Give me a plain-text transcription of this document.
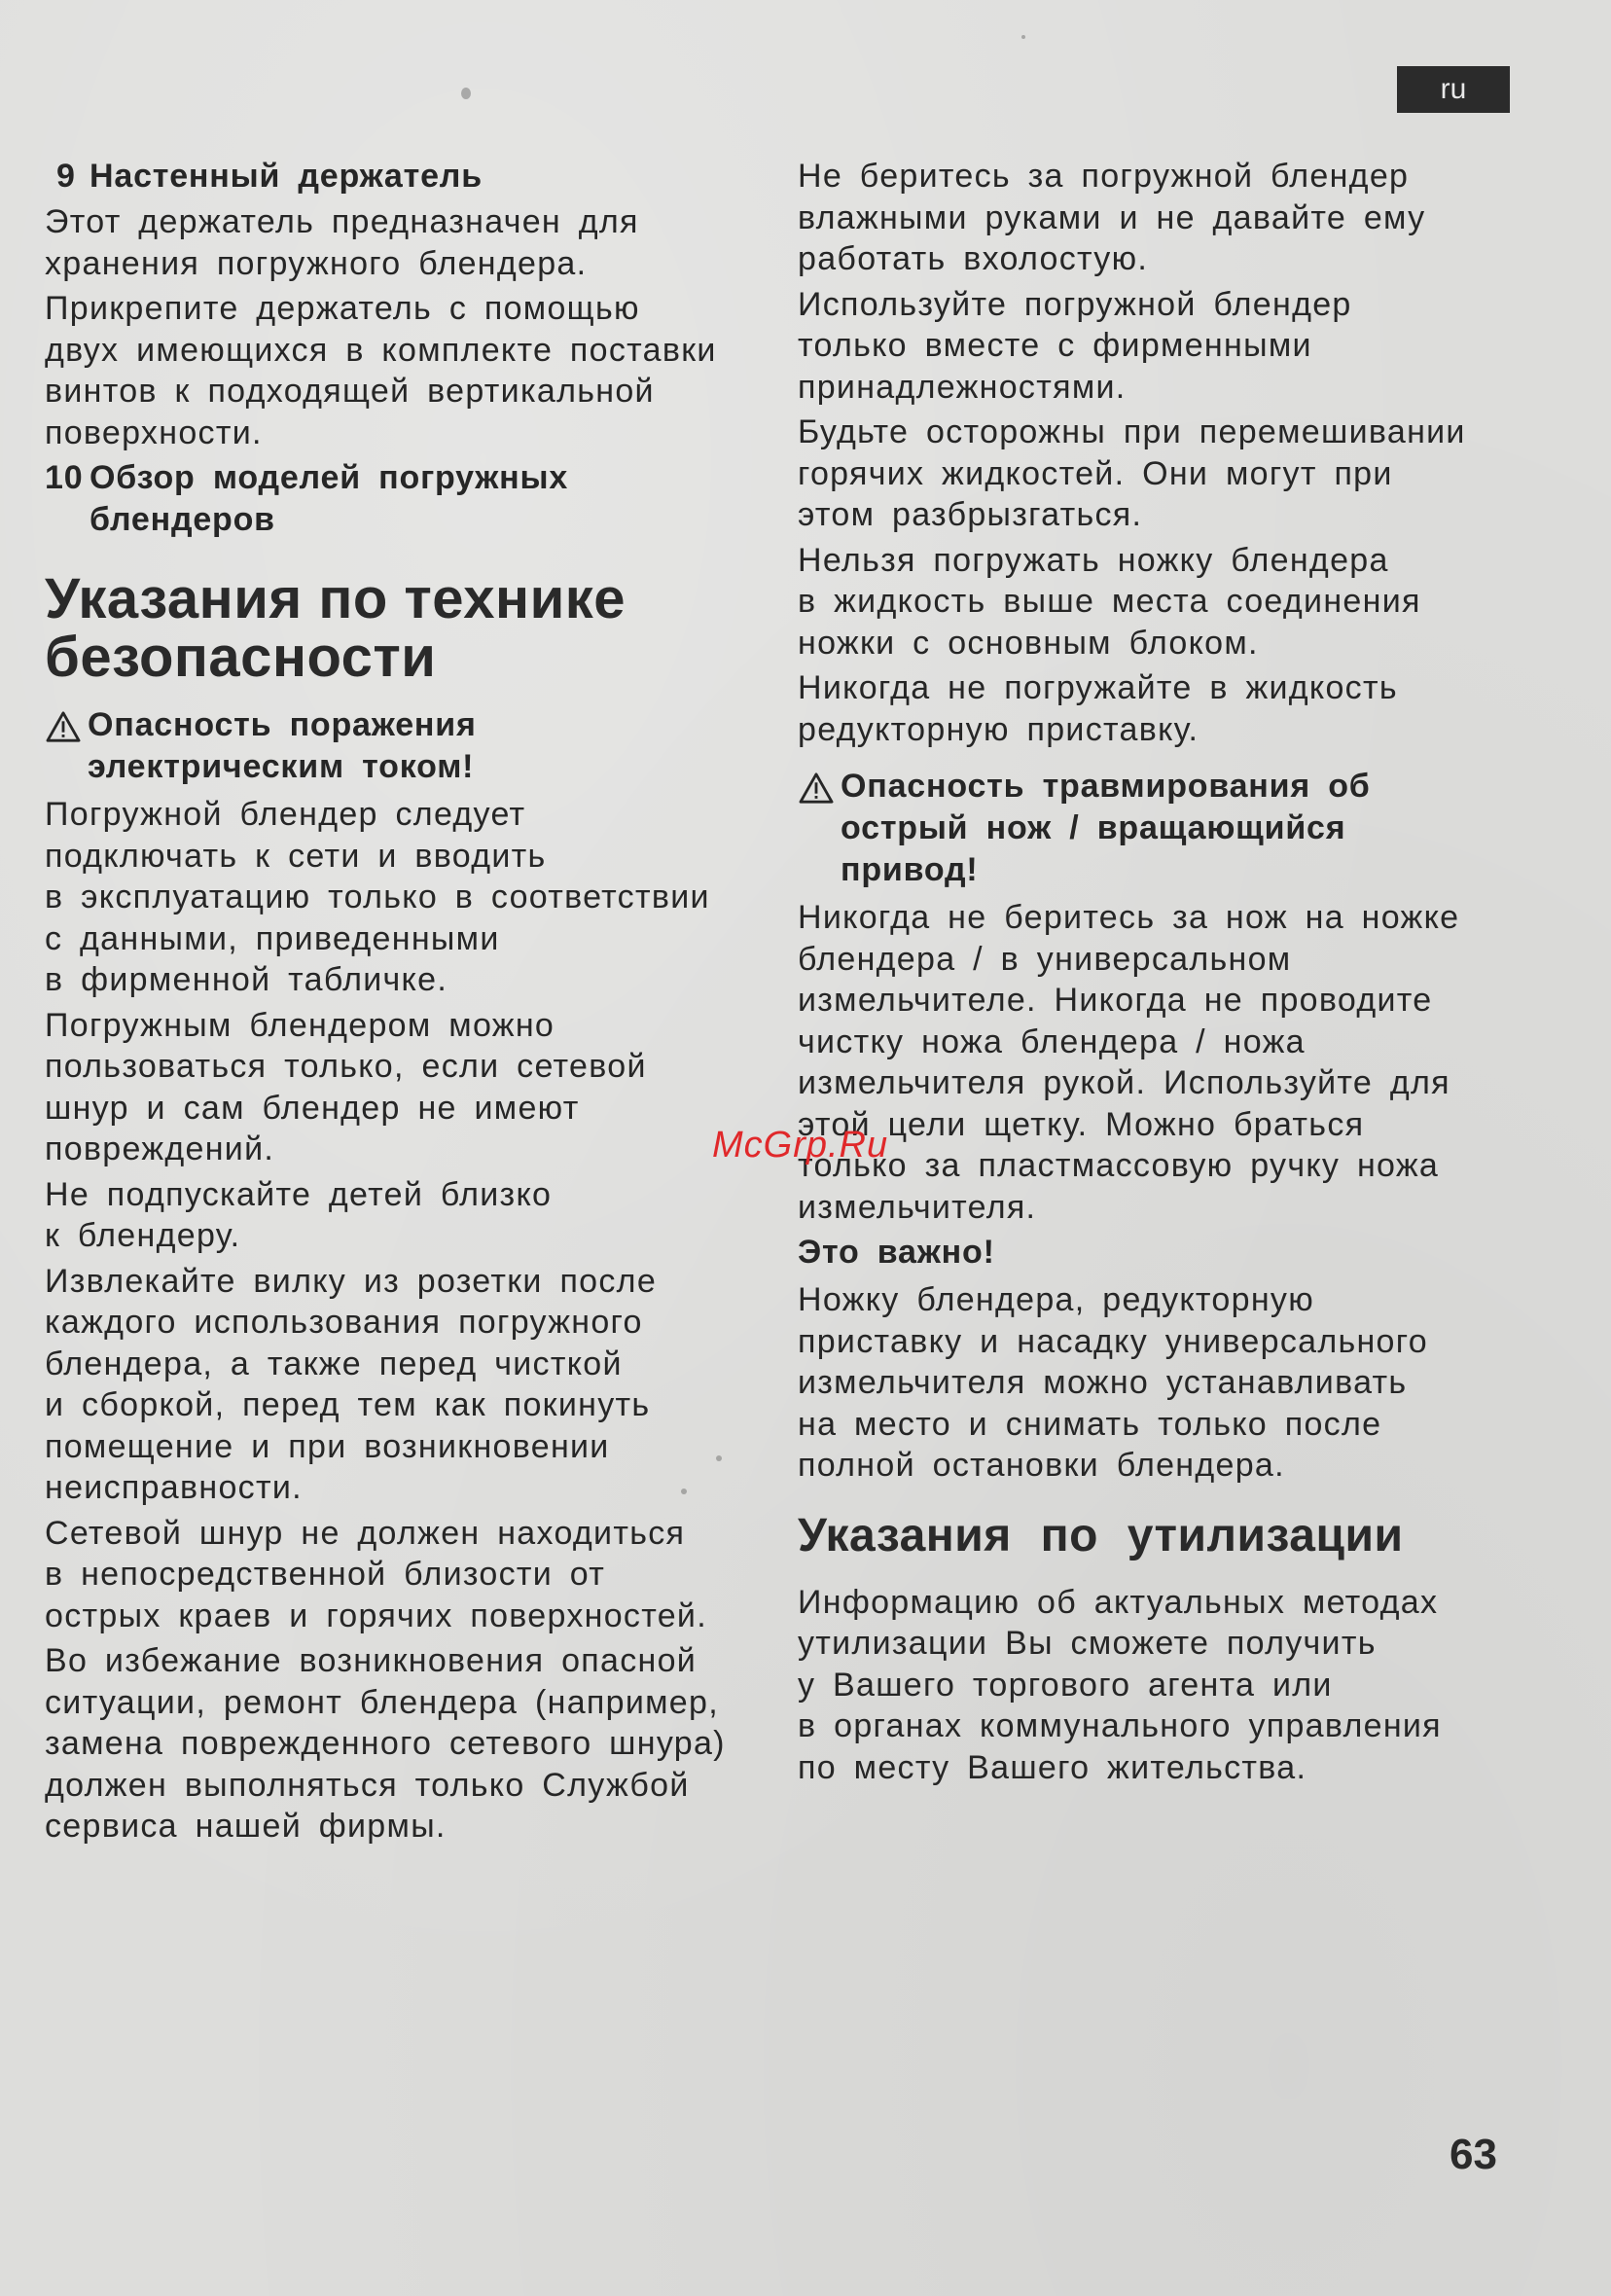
ru
9 Настенный держатель

Этот держатель предназначен для
хранения погружного блендера.

Прикрепите держатель с помощью
двух имеющихся в комплекте поставки
винтов к подходящей вертикальной
поверхности.

10 Обзор моделей погружных
блендеров
Указания по технике
безопасности
Опасность поражения
электрическим током!

Погружной блендер следует
подключать к сети и вводить
в эксплуатацию только в соответствии
с данными, приведенными
в фирменной табличке.

Погружным блендером можно
пользоваться только, если сетевой
шнур и сам блендер не имеют
повреждений.

Не подпускайте детей близко
к блендеру.

Извлекайте вилку из розетки после
каждого использования погружного
блендера, а также перед чисткой
и сборкой, перед тем как покинуть
помещение и при возникновении
неисправности.

Сетевой шнур не должен находиться
в непосредственной близости от
острых краев и горячих поверхностей.

Во избежание возникновения опасной
ситуации, ремонт блендера (например,
замена поврежденного сетевого шнура)
должен выполняться только Службой
сервиса нашей фирмы.

Не беритесь за погружной блендер
влажными руками и не давайте ему
работать вхолостую.

Используйте погружной блендер
только вместе с фирменными
принадлежностями.

Будьте осторожны при перемешивании
горячих жидкостей. Они могут при
этом разбрызгаться.

Нельзя погружать ножку блендера
в жидкость выше места соединения
ножки с основным блоком.

Никогда не погружайте в жидкость
редукторную приставку.

Опасность травмирования об
острый нож / вращающийся
привод!

Никогда не беритесь за нож на ножке
блендера / в универсальном
измельчителе. Никогда не проводите
чистку ножа блендера / ножа
измельчителя рукой. Используйте для
этой цели щетку. Можно браться
только за пластмассовую ручку ножа
измельчителя.

Это важно!

Ножку блендера, редукторную
приставку и насадку универсального
измельчителя можно устанавливать
на место и снимать только после
полной остановки блендера.

Указания по утилизации

Информацию об актуальных методах
утилизации Вы сможете получить
у Вашего торгового агента или
в органах коммунального управления
по месту Вашего жительства.

McGrp.Ru
63
